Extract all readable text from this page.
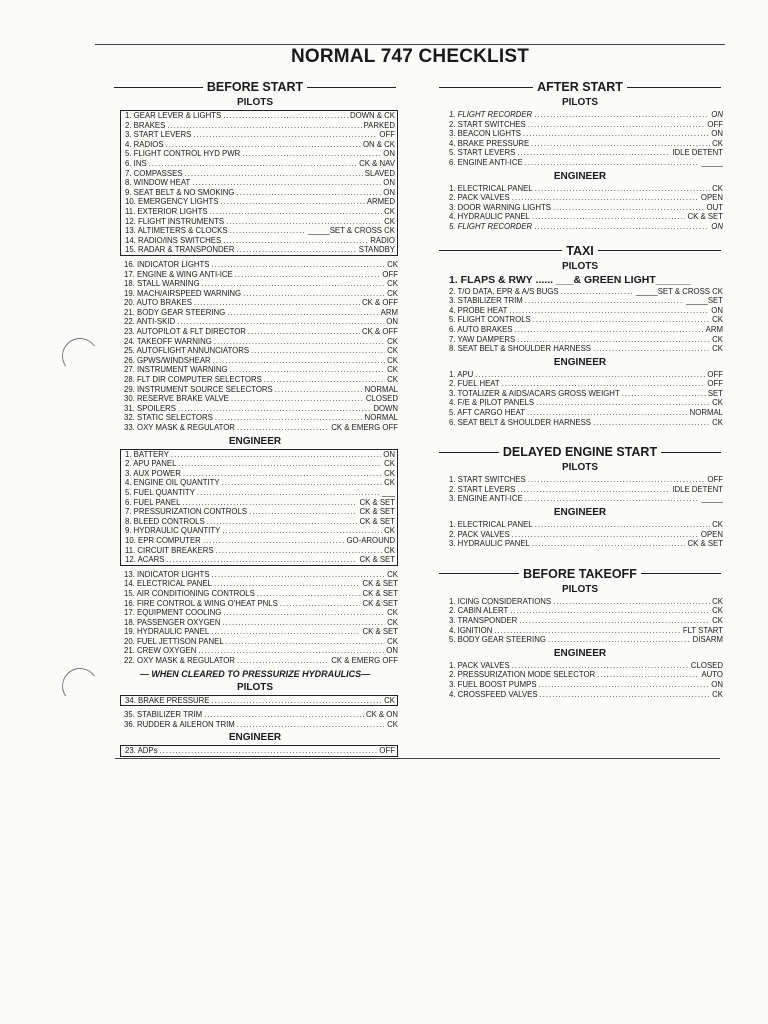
NORMAL 747 CHECKLIST
BEFORE START
PILOTS
1. GEAR LEVER & LIGHTS .....	DOWN & CK
2. BRAKES .....	PARKED
3. START LEVERS .....	OFF
4. RADIOS .....	ON & CK
5. FLIGHT CONTROL HYD PWR .....	ON
6. INS .....	CK & NAV
7. COMPASSES .....	SLAVED
8. WINDOW HEAT .....	ON
9. SEAT BELT & NO SMOKING .....	ON
10. EMERGENCY LIGHTS .....	ARMED
11. EXTERIOR LIGHTS .....	CK
12. FLIGHT INSTRUMENTS .....	CK
13. ALTIMETERS & CLOCKS .....	_____SET & CROSS CK
14. RADIO/INS SWITCHES .....	RADIO
15. RADAR & TRANSPONDER .....	STANDBY
16. INDICATOR LIGHTS .....	CK
17. ENGINE & WING ANTI-ICE .....	OFF
18. STALL WARNING .....	CK
19. MACH/AIRSPEED WARNING .....	CK
20. AUTO BRAKES .....	CK & OFF
21. BODY GEAR STEERING .....	ARM
22. ANTI-SKID .....	ON
23. AUTOPILOT & FLT DIRECTOR .....	CK & OFF
24. TAKEOFF WARNING .....	CK
25. AUTOFLIGHT ANNUNCIATORS .....	CK
26. GPWS/WINDSHEAR .....	CK
27. INSTRUMENT WARNING .....	CK
28. FLT DIR COMPUTER SELECTORS .....	CK
29. INSTRUMENT SOURCE SELECTORS .....	NORMAL
30. RESERVE BRAKE VALVE .....	CLOSED
31. SPOILERS .....	DOWN
32. STATIC SELECTORS .....	NORMAL
33. OXY MASK & REGULATOR .....	CK & EMERG OFF
ENGINEER
1. BATTERY .....	ON
2. APU PANEL .....	CK
3. AUX POWER .....	CK
4. ENGINE OIL QUANTITY .....	CK
5. FUEL QUANTITY .....	___
6. FUEL PANEL .....	CK & SET
7. PRESSURIZATION CONTROLS .....	CK & SET
8. BLEED CONTROLS .....	CK & SET
9. HYDRAULIC QUANTITY .....	CK
10. EPR COMPUTER .....	GO-AROUND
11. CIRCUIT BREAKERS .....	CK
12. ACARS .....	CK & SET
13. INDICATOR LIGHTS .....	CK
14. ELECTRICAL PANEL .....	CK & SET
15. AIR CONDITIONING CONTROLS .....	CK & SET
16. FIRE CONTROL & WING O'HEAT PNLS .....	CK & SET
17. EQUIPMENT COOLING .....	CK
18. PASSENGER OXYGEN .....	CK
19. HYDRAULIC PANEL .....	CK & SET
20. FUEL JETTISON PANEL .....	CK
21. CREW OXYGEN .....	ON
22. OXY MASK & REGULATOR .....	CK & EMERG OFF
— WHEN CLEARED TO PRESSURIZE HYDRAULICS—
PILOTS
34. BRAKE PRESSURE .....	CK
35. STABILIZER TRIM .....	CK & ON
36. RUDDER & AILERON TRIM .....	CK
ENGINEER
23. ADPs .....	OFF
AFTER START
PILOTS
1. FLIGHT RECORDER .....	ON
2. START SWITCHES .....	OFF
3. BEACON LIGHTS .....	ON
4. BRAKE PRESSURE .....	CK
5. START LEVERS .....	IDLE DETENT
6. ENGINE ANTI-ICE .....	_____
ENGINEER
1. ELECTRICAL PANEL .....	CK
2. PACK VALVES .....	OPEN
3. DOOR WARNING LIGHTS .....	OUT
4. HYDRAULIC PANEL .....	CK & SET
5. FLIGHT RECORDER .....	ON
TAXI
PILOTS
1. FLAPS & RWY ...... ___& GREEN LIGHT______
2. T/O DATA, EPR & A/S BUGS .....	_____SET & CROSS CK
3. STABILIZER TRIM .....	_____SET
4. PROBE HEAT .....	ON
5. FLIGHT CONTROLS .....	CK
6. AUTO BRAKES .....	ARM
7. YAW DAMPERS .....	CK
8. SEAT BELT & SHOULDER HARNESS .....	CK
ENGINEER
1. APU .....	OFF
2. FUEL HEAT .....	OFF
3. TOTALIZER & AIDS/ACARS GROSS WEIGHT .....	SET
4. F/E & PILOT PANELS .....	CK
5. AFT CARGO HEAT .....	NORMAL
6. SEAT BELT & SHOULDER HARNESS .....	CK
DELAYED ENGINE START
PILOTS
1. START SWITCHES .....	OFF
2. START LEVERS .....	IDLE DETENT
3. ENGINE ANTI-ICE .....	_____
ENGINEER
1. ELECTRICAL PANEL .....	CK
2. PACK VALVES .....	OPEN
3. HYDRAULIC PANEL .....	CK & SET
BEFORE TAKEOFF
PILOTS
1. ICING CONSIDERATIONS .....	CK
2. CABIN ALERT .....	CK
3. TRANSPONDER .....	CK
4. IGNITION .....	FLT START
5. BODY GEAR STEERING .....	DISARM
ENGINEER
1. PACK VALVES .....	CLOSED
2. PRESSURIZATION MODE SELECTOR .....	AUTO
3. FUEL BOOST PUMPS .....	ON
4. CROSSFEED VALVES .....	CK
